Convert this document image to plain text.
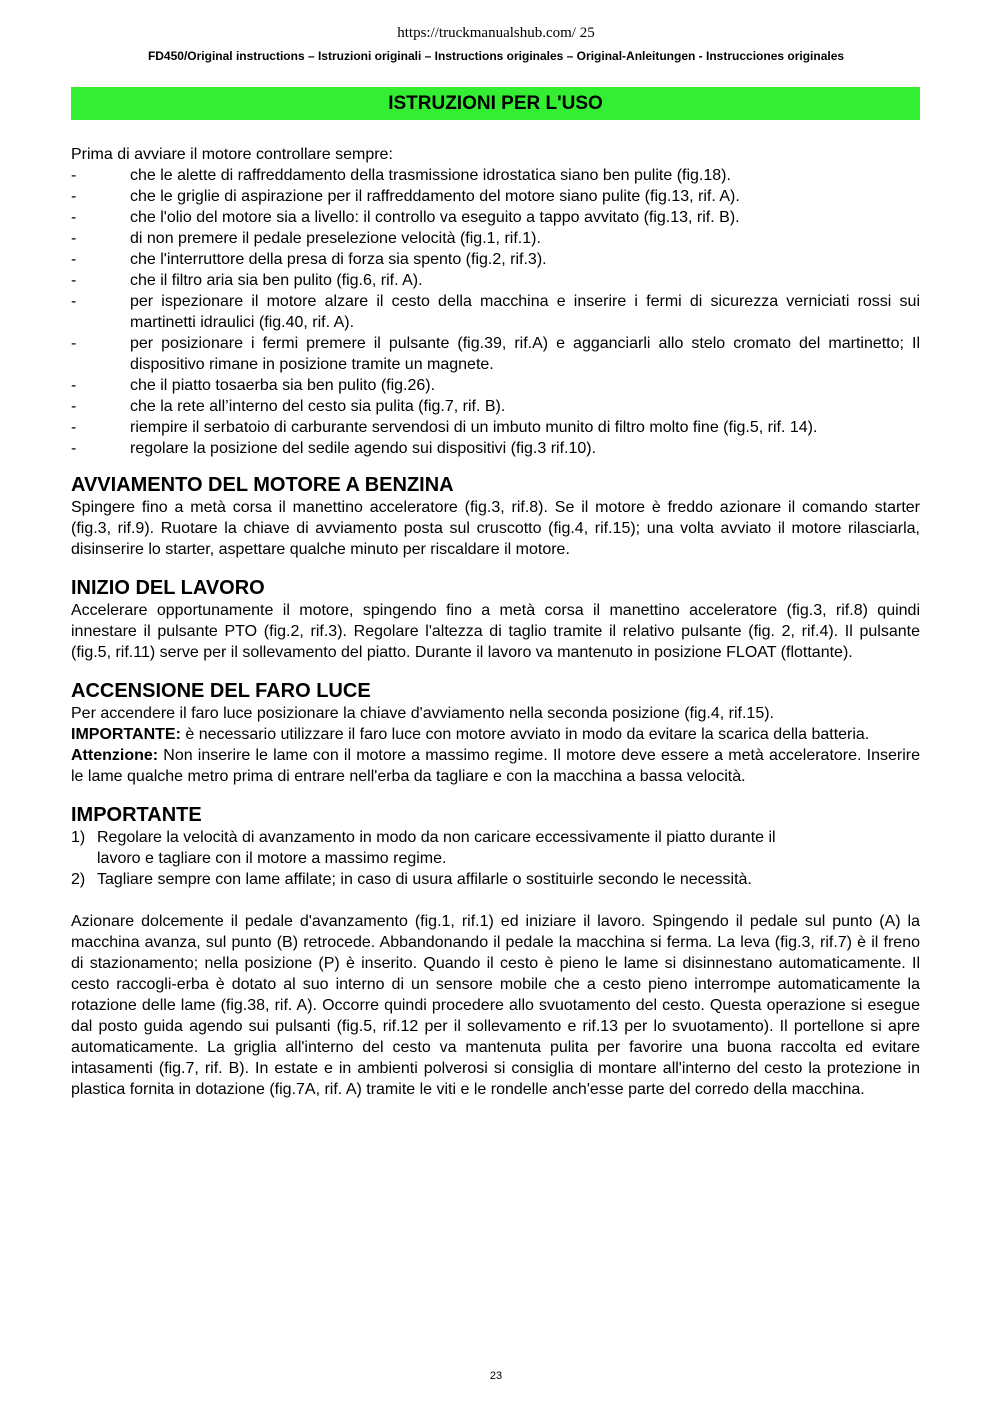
https://truckmanualshub.com/ 25
FD450/Original instructions – Istruzioni originali – Instructions originales – Original-Anleitungen - Instrucciones originales
ISTRUZIONI PER L'USO

Prima di avviare il motore controllare sempre:

-	che le alette di raffreddamento della trasmissione idrostatica siano ben pulite (fig.18).
-	che le griglie di aspirazione per il raffreddamento del motore siano pulite (fig.13, rif. A).
-	che l'olio del motore sia a livello: il controllo va eseguito a tappo avvitato (fig.13, rif. B).
-	di non premere il pedale preselezione velocità (fig.1, rif.1).
-	che l'interruttore della presa di forza sia spento (fig.2, rif.3).
-	che il filtro aria sia ben pulito (fig.6, rif. A).
-	per ispezionare il motore alzare il cesto della macchina e inserire i fermi di sicurezza verniciati rossi sui martinetti idraulici (fig.40, rif. A).
-	per posizionare i fermi premere il pulsante (fig.39, rif.A) e agganciarli allo stelo cromato del martinetto; Il dispositivo rimane in posizione tramite un magnete.
-	che il piatto tosaerba sia ben pulito (fig.26).
-	che la rete all’interno del cesto sia pulita (fig.7, rif. B).
-	riempire il serbatoio di carburante servendosi di un imbuto munito di filtro molto fine (fig.5, rif. 14).
-	regolare la posizione del sedile agendo sui dispositivi (fig.3 rif.10).
AVVIAMENTO DEL MOTORE A BENZINA

Spingere fino a metà corsa il manettino acceleratore (fig.3, rif.8). Se il motore è freddo azionare il comando starter (fig.3, rif.9). Ruotare la chiave di avviamento posta sul cruscotto (fig.4, rif.15); una volta avviato il motore rilasciarla, disinserire lo starter, aspettare qualche minuto per riscaldare il motore.

INIZIO DEL LAVORO

Accelerare opportunamente il motore, spingendo fino a metà corsa il manettino acceleratore (fig.3, rif.8) quindi innestare il pulsante PTO (fig.2, rif.3). Regolare l'altezza di taglio tramite il relativo pulsante (fig. 2, rif.4). Il pulsante (fig.5, rif.11) serve per il sollevamento del piatto. Durante il lavoro va mantenuto in posizione FLOAT (flottante).

ACCENSIONE DEL FARO LUCE

Per accendere il faro luce posizionare la chiave d'avviamento nella seconda posizione (fig.4, rif.15).

IMPORTANTE: è necessario utilizzare il faro luce con motore avviato in modo da evitare la scarica della batteria.

Attenzione: Non inserire le lame con il motore a massimo regime. Il motore deve essere a metà acceleratore. Inserire le lame qualche metro prima di entrare nell'erba da tagliare e con la macchina a bassa velocità.

IMPORTANTE
1) Regolare la velocità di avanzamento in modo da non caricare eccessivamente il piatto durante il
lavoro e tagliare con il motore a massimo regime.
2) Tagliare sempre con lame affilate; in caso di usura affilarle o sostituirle secondo le necessità.

Azionare dolcemente il pedale d'avanzamento (fig.1, rif.1) ed iniziare il lavoro. Spingendo il pedale sul punto (A) la macchina avanza, sul punto (B) retrocede. Abbandonando il pedale la macchina si ferma. La leva (fig.3, rif.7) è il freno di stazionamento; nella posizione (P) è inserito. Quando il cesto è pieno le lame si disinnestano automaticamente. Il cesto raccogli-erba è dotato al suo interno di un sensore mobile che a cesto pieno interrompe automaticamente la rotazione delle lame (fig.38, rif. A). Occorre quindi procedere allo svuotamento del cesto. Questa operazione si esegue dal posto guida agendo sui pulsanti (fig.5, rif.12 per il sollevamento e rif.13 per lo svuotamento). Il portellone si apre automaticamente. La griglia all'interno del cesto va mantenuta pulita per favorire una buona raccolta ed evitare intasamenti (fig.7, rif. B). In estate e in ambienti polverosi si consiglia di montare all'interno del cesto la protezione in plastica fornita in dotazione (fig.7A, rif. A) tramite le viti e le rondelle anch'esse parte del corredo della macchina.

23
